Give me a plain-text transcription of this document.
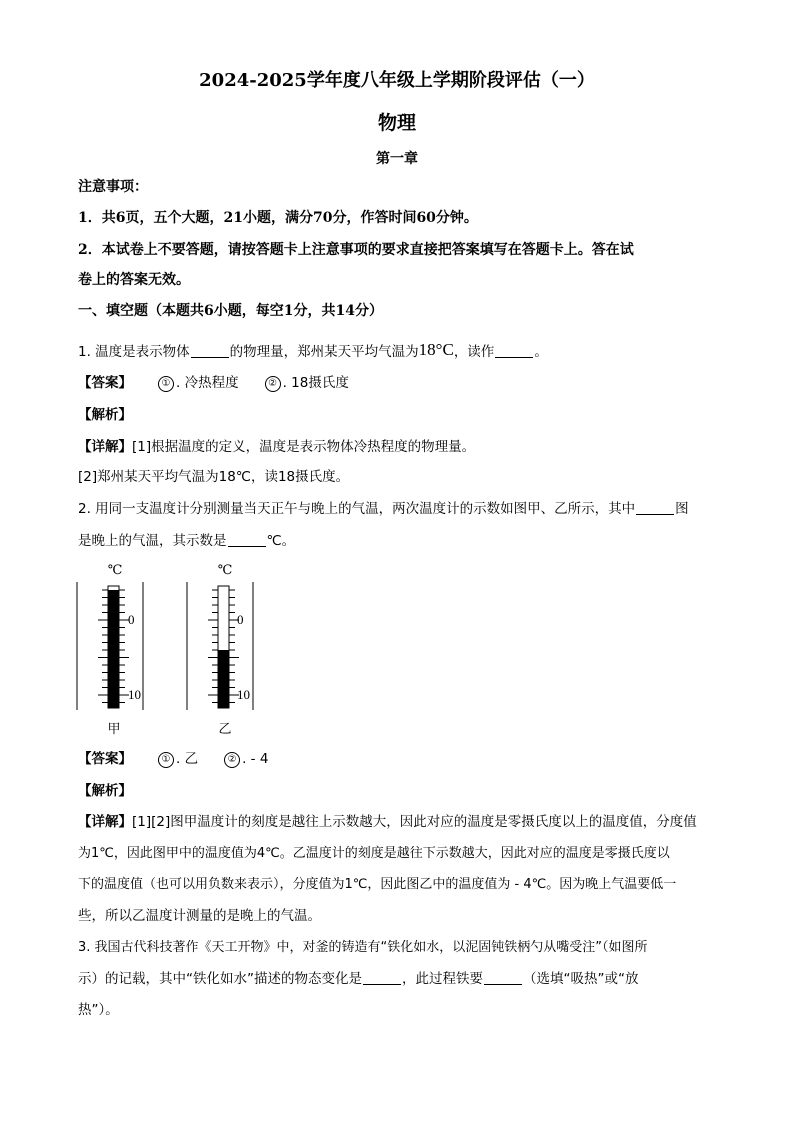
2024-2025学年度八年级上学期阶段评估（一）
物理
第一章
注意事项：
1．共6页，五个大题，21小题，满分70分，作答时间60分钟。
2．本试卷上不要答题，请按答题卡上注意事项的要求直接把答案填写在答题卡上。答在试
卷上的答案无效。
一、填空题（本题共6小题，每空1分，共14分）
1. 温度是表示物体	的物理量，郑州某天平均气温为18°C，读作	。
【答案】	① . 冷热程度	② . 18摄氏度
【解析】
【详解】[1]根据温度的定义，温度是表示物体冷热程度的物理量。
[2]郑州某天平均气温为18℃，读18摄氏度。
2. 用同一支温度计分别测量当天正午与晚上的气温，两次温度计的示数如图甲、乙所示，其中	图
是晚上的气温，其示数是	℃。
℃
0
10
甲
℃
0
10
乙
【答案】	① . 乙	② . - 4
【解析】
【详解】[1][2]图甲温度计的刻度是越往上示数越大，因此对应的温度是零摄氏度以上的温度值，分度值
为1℃，因此图甲中的温度值为4℃。乙温度计的刻度是越往下示数越大，因此对应的温度是零摄氏度以
下的温度值（也可以用负数来表示），分度值为1℃，因此图乙中的温度值为 - 4℃。因为晚上气温要低一
些，所以乙温度计测量的是晚上的气温。
3. 我国古代科技著作《天工开物》中，对釜的铸造有“铁化如水，以泥固钝铁柄勺从嘴受注”（如图所
示）的记载，其中“铁化如水”描述的物态变化是	，此过程铁要	（选填“吸热”或“放
热”）。
